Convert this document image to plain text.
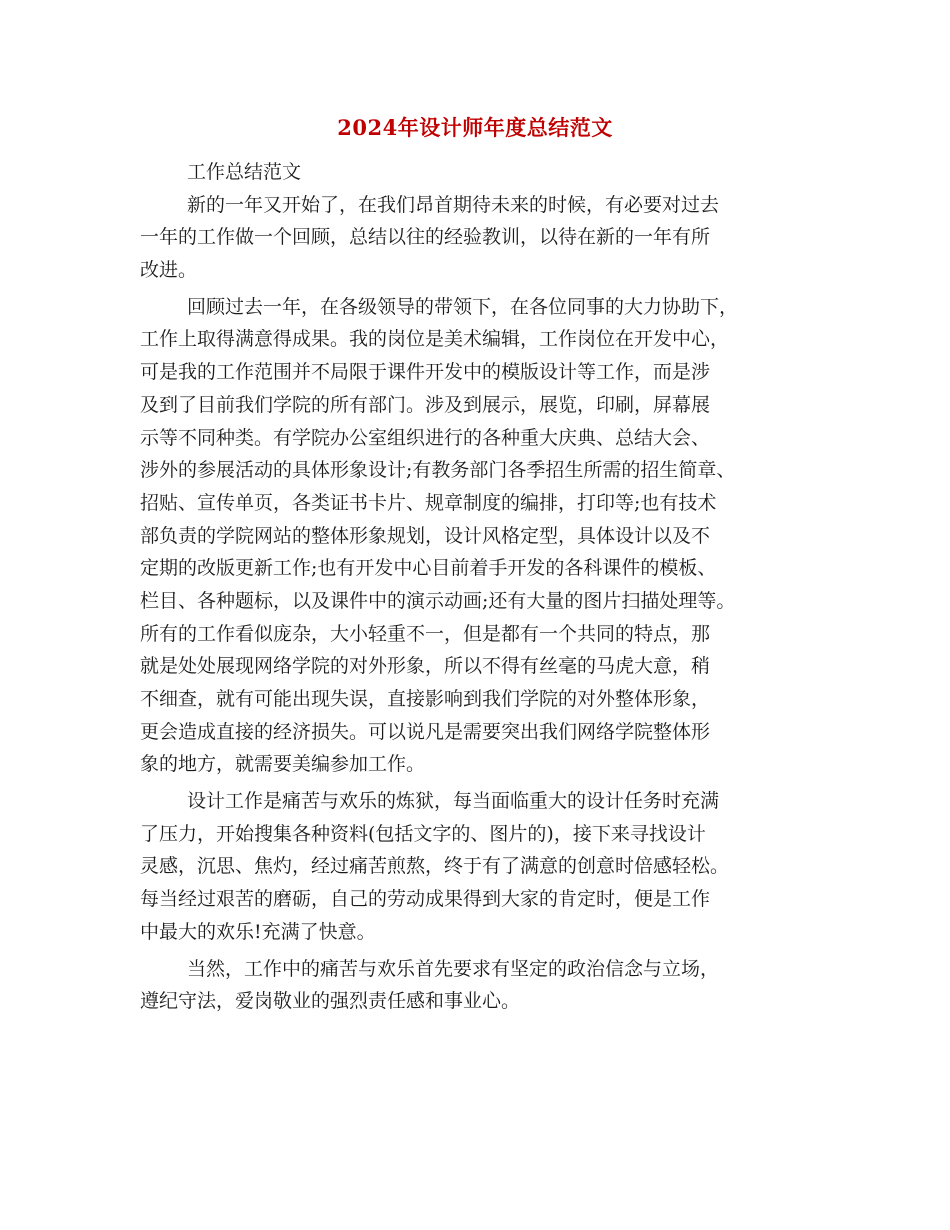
2024年设计师年度总结范文
工作总结范文
新的一年又开始了，在我们昂首期待未来的时候，有必要对过去
一年的工作做一个回顾，总结以往的经验教训，以待在新的一年有所
改进。
回顾过去一年，在各级领导的带领下，在各位同事的大力协助下，
工作上取得满意得成果。我的岗位是美术编辑，工作岗位在开发中心，
可是我的工作范围并不局限于课件开发中的模版设计等工作，而是涉
及到了目前我们学院的所有部门。涉及到展示，展览，印刷，屏幕展
示等不同种类。有学院办公室组织进行的各种重大庆典、总结大会、
涉外的参展活动的具体形象设计;有教务部门各季招生所需的招生简章、
招贴、宣传单页，各类证书卡片、规章制度的编排，打印等;也有技术
部负责的学院网站的整体形象规划，设计风格定型，具体设计以及不
定期的改版更新工作;也有开发中心目前着手开发的各科课件的模板、
栏目、各种题标，以及课件中的演示动画;还有大量的图片扫描处理等。
所有的工作看似庞杂，大小轻重不一，但是都有一个共同的特点，那
就是处处展现网络学院的对外形象，所以不得有丝毫的马虎大意，稍
不细查，就有可能出现失误，直接影响到我们学院的对外整体形象，
更会造成直接的经济损失。可以说凡是需要突出我们网络学院整体形
象的地方，就需要美编参加工作。
设计工作是痛苦与欢乐的炼狱，每当面临重大的设计任务时充满
了压力，开始搜集各种资料(包括文字的、图片的)，接下来寻找设计
灵感，沉思、焦灼，经过痛苦煎熬，终于有了满意的创意时倍感轻松。
每当经过艰苦的磨砺，自己的劳动成果得到大家的肯定时，便是工作
中最大的欢乐!充满了快意。
当然，工作中的痛苦与欢乐首先要求有坚定的政治信念与立场，
遵纪守法，爱岗敬业的强烈责任感和事业心。
